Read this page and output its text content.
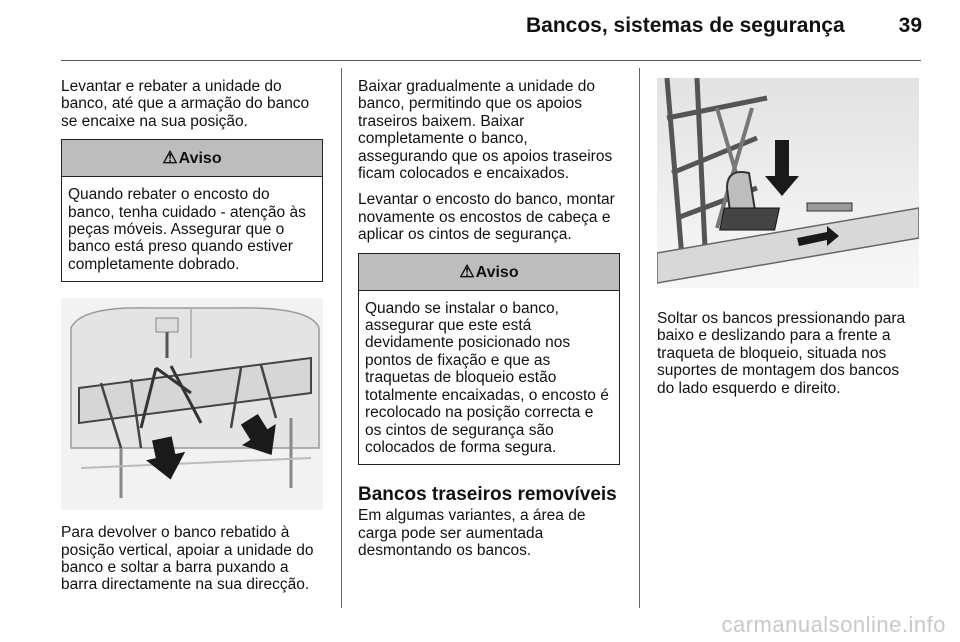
Bancos, sistemas de segurança	39

Levantar e rebater a unidade do banco, até que a armação do banco se encaixe na sua posição.

⚠Aviso
Quando rebater o encosto do banco, tenha cuidado - atenção às peças móveis. Assegurar que o banco está preso quando estiver completamente dobrado.

Para devolver o banco rebatido à posição vertical, apoiar a unidade do banco e soltar a barra puxando a barra directamente na sua direcção.

Baixar gradualmente a unidade do banco, permitindo que os apoios traseiros baixem. Baixar completamente o banco, assegurando que os apoios traseiros ficam colocados e encaixados.

Levantar o encosto do banco, montar novamente os encostos de cabeça e aplicar os cintos de segurança.

⚠Aviso
Quando se instalar o banco, assegurar que este está devidamente posicionado nos pontos de fixação e que as traquetas de bloqueio estão totalmente encaixadas, o encosto é recolocado na posição correcta e os cintos de segurança são colocados de forma segura.
Bancos traseiros removíveis

Em algumas variantes, a área de carga pode ser aumentada desmontando os bancos.

Soltar os bancos pressionando para baixo e deslizando para a frente a traqueta de bloqueio, situada nos suportes de montagem dos bancos do lado esquerdo e direito.

carmanualsonline.info
